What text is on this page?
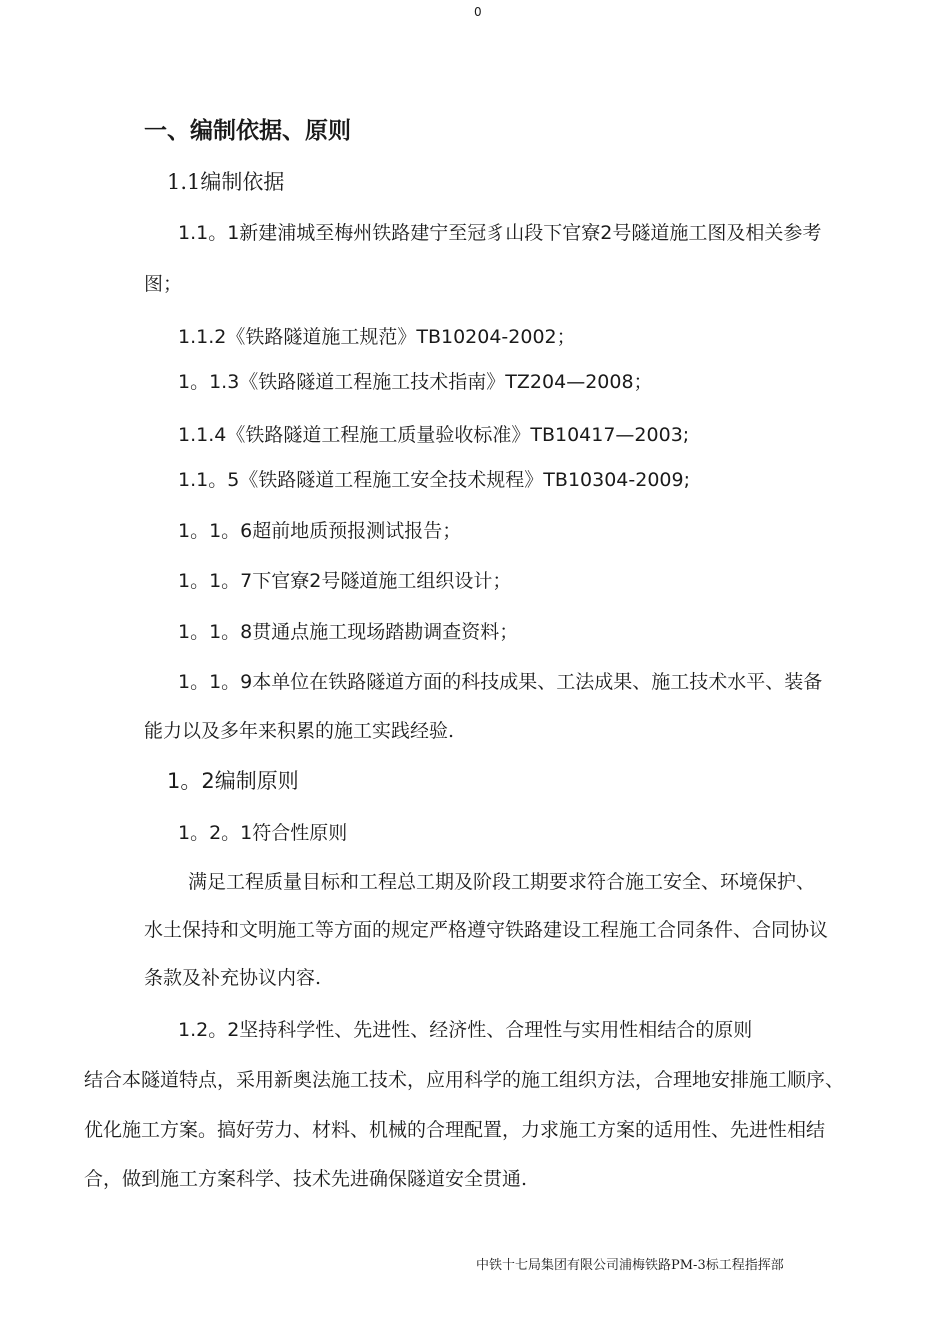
0
一、编制依据、原则
1.1编制依据
1.1。1新建浦城至梅州铁路建宁至冠豸山段下官寮2号隧道施工图及相关参考
图；
1.1.2《铁路隧道施工规范》TB10204-2002；
1。1.3《铁路隧道工程施工技术指南》TZ204—2008；
1.1.4《铁路隧道工程施工质量验收标准》TB10417—2003;
1.1。5《铁路隧道工程施工安全技术规程》TB10304-2009;
1。1。6超前地质预报测试报告；
1。1。7下官寮2号隧道施工组织设计；
1。1。8贯通点施工现场踏勘调查资料；
1。1。9本单位在铁路隧道方面的科技成果、工法成果、施工技术水平、装备
能力以及多年来积累的施工实践经验.
1。2编制原则
1。2。1符合性原则
满足工程质量目标和工程总工期及阶段工期要求符合施工安全、环境保护、
水土保持和文明施工等方面的规定严格遵守铁路建设工程施工合同条件、合同协议
条款及补充协议内容.
1.2。2坚持科学性、先进性、经济性、合理性与实用性相结合的原则
结合本隧道特点，采用新奥法施工技术，应用科学的施工组织方法，合理地安排施工顺序、
优化施工方案。搞好劳力、材料、机械的合理配置，力求施工方案的适用性、先进性相结
合，做到施工方案科学、技术先进确保隧道安全贯通.
中铁十七局集团有限公司浦梅铁路PM-3标工程指挥部
